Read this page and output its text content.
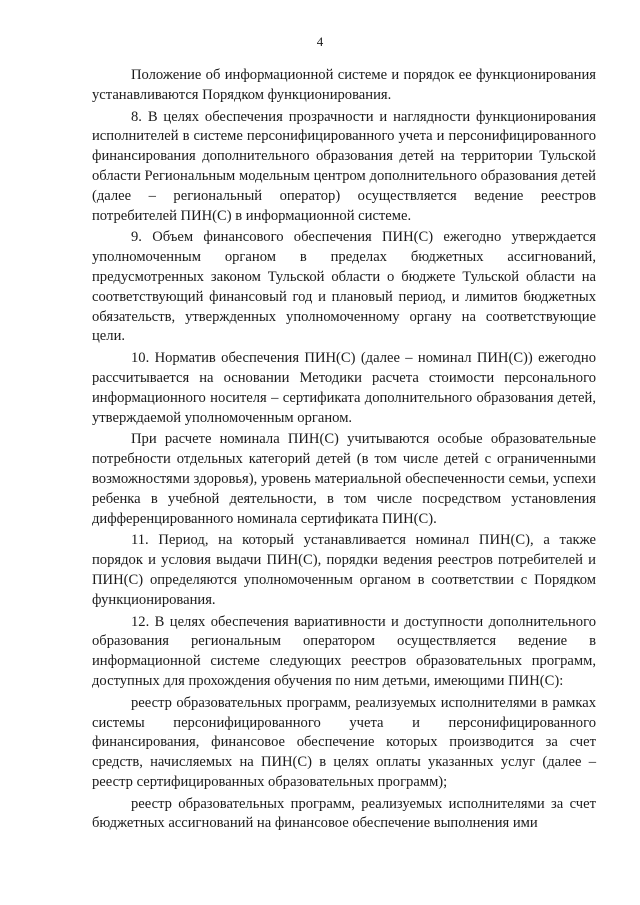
4

Положение об информационной системе и порядок ее функционирования устанавливаются Порядком функционирования.

8. В целях обеспечения прозрачности и наглядности функционирования исполнителей в системе персонифицированного учета и персонифицированного финансирования дополнительного образования детей на территории Тульской области Региональным модельным центром дополнительного образования детей (далее – региональный оператор) осуществляется ведение реестров потребителей ПИН(С) в информационной системе.

9. Объем финансового обеспечения ПИН(С) ежегодно утверждается уполномоченным органом в пределах бюджетных ассигнований, предусмотренных законом Тульской области о бюджете Тульской области на соответствующий финансовый год и плановый период, и лимитов бюджетных обязательств, утвержденных уполномоченному органу на соответствующие цели.

10. Норматив обеспечения ПИН(С) (далее – номинал ПИН(С)) ежегодно рассчитывается на основании Методики расчета стоимости персонального информационного носителя – сертификата дополнительного образования детей, утверждаемой уполномоченным органом.

При расчете номинала ПИН(С) учитываются особые образовательные потребности отдельных категорий детей (в том числе детей с ограниченными возможностями здоровья), уровень материальной обеспеченности семьи, успехи ребенка в учебной деятельности, в том числе посредством установления дифференцированного номинала сертификата ПИН(С).

11. Период, на который устанавливается номинал ПИН(С), а также порядок и условия выдачи ПИН(С), порядки ведения реестров потребителей и ПИН(С) определяются уполномоченным органом в соответствии с Порядком функционирования.

12. В целях обеспечения вариативности и доступности дополнительного образования региональным оператором осуществляется ведение в информационной системе следующих реестров образовательных программ, доступных для прохождения обучения по ним детьми, имеющими ПИН(С):

реестр образовательных программ, реализуемых исполнителями в рамках системы персонифицированного учета и персонифицированного финансирования, финансовое обеспечение которых производится за счет средств, начисляемых на ПИН(С) в целях оплаты указанных услуг (далее – реестр сертифицированных образовательных программ);

реестр образовательных программ, реализуемых исполнителями за счет бюджетных ассигнований на финансовое обеспечение выполнения ими
